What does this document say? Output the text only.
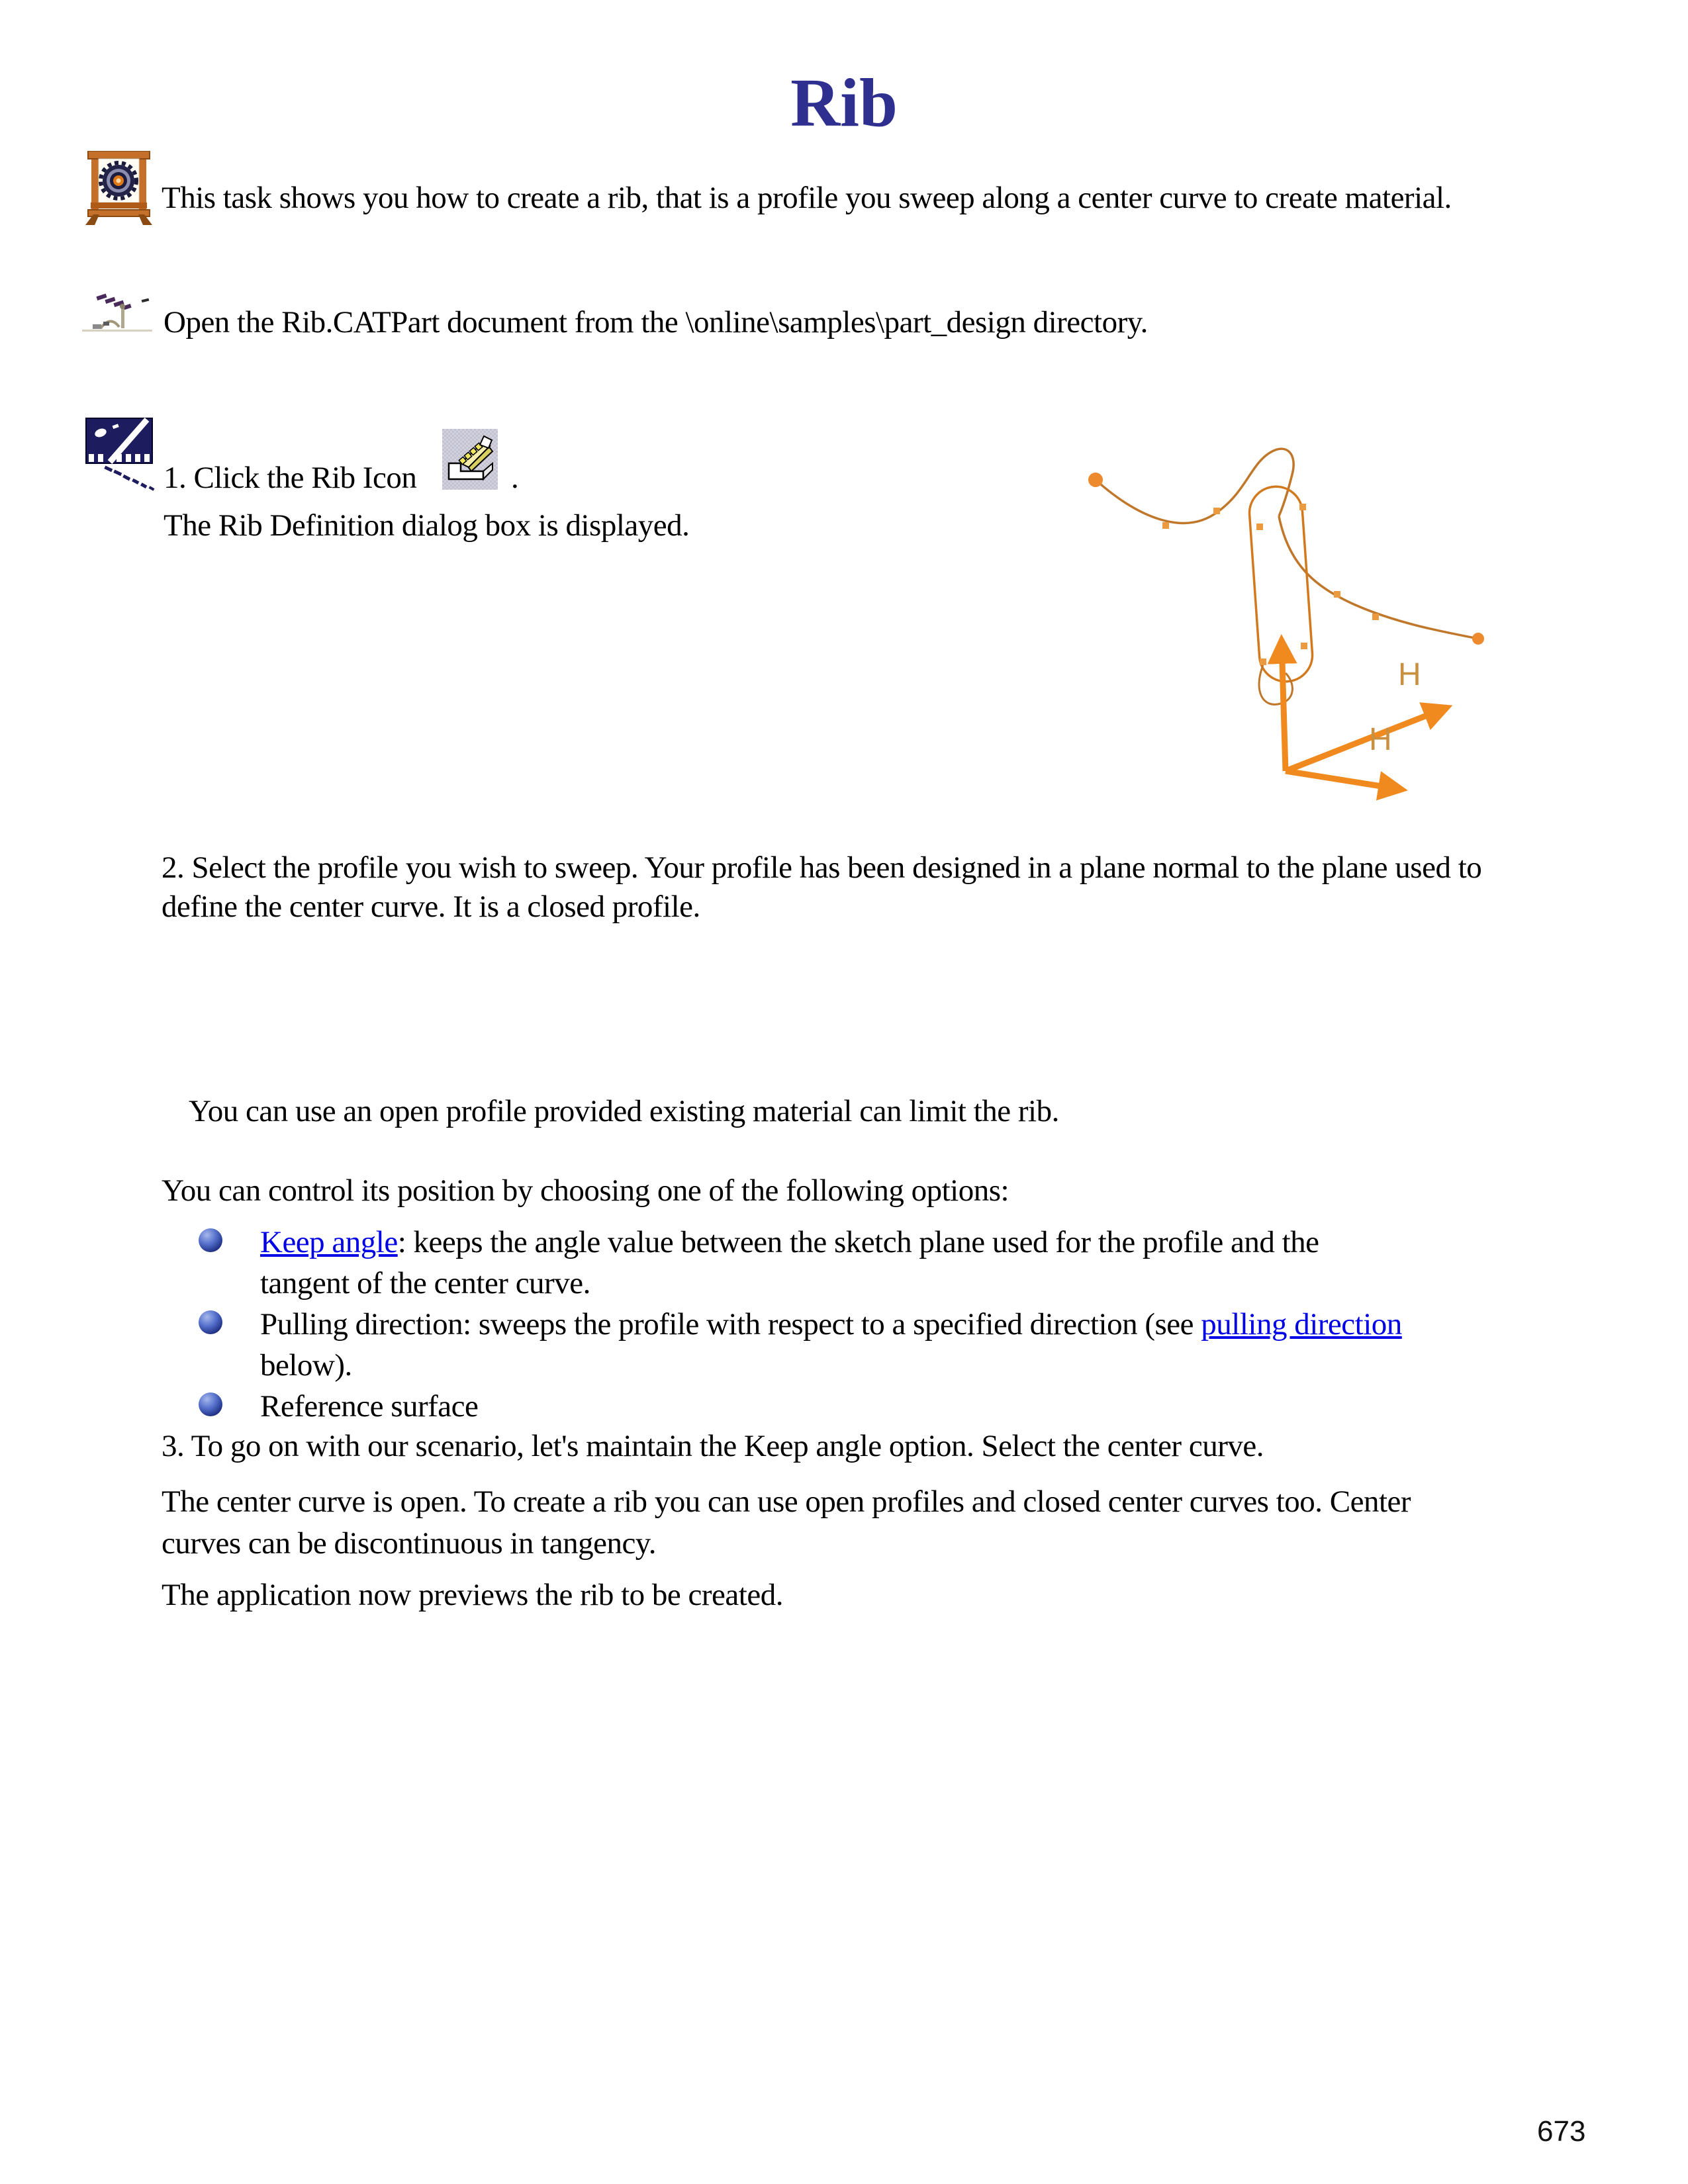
Rib
This task shows you how to create a rib, that is a profile you sweep along a center curve to create material.
Open the Rib.CATPart document from the \online\samples\part_design directory.
1. Click the Rib Icon	.
The Rib Definition dialog box is displayed.
H
H
2. Select the profile you wish to sweep. Your profile has been designed in a plane normal to the plane used to
define the center curve. It is a closed profile.
You can use an open profile provided existing material can limit the rib.
You can control its position by choosing one of the following options:
Keep angle: keeps the angle value between the sketch plane used for the profile and the
tangent of the center curve.
Pulling direction: sweeps the profile with respect to a specified direction (see pulling direction
below).
Reference surface
3. To go on with our scenario, let's maintain the Keep angle option. Select the center curve.
The center curve is open. To create a rib you can use open profiles and closed center curves too. Center
curves can be discontinuous in tangency.
The application now previews the rib to be created.
673
